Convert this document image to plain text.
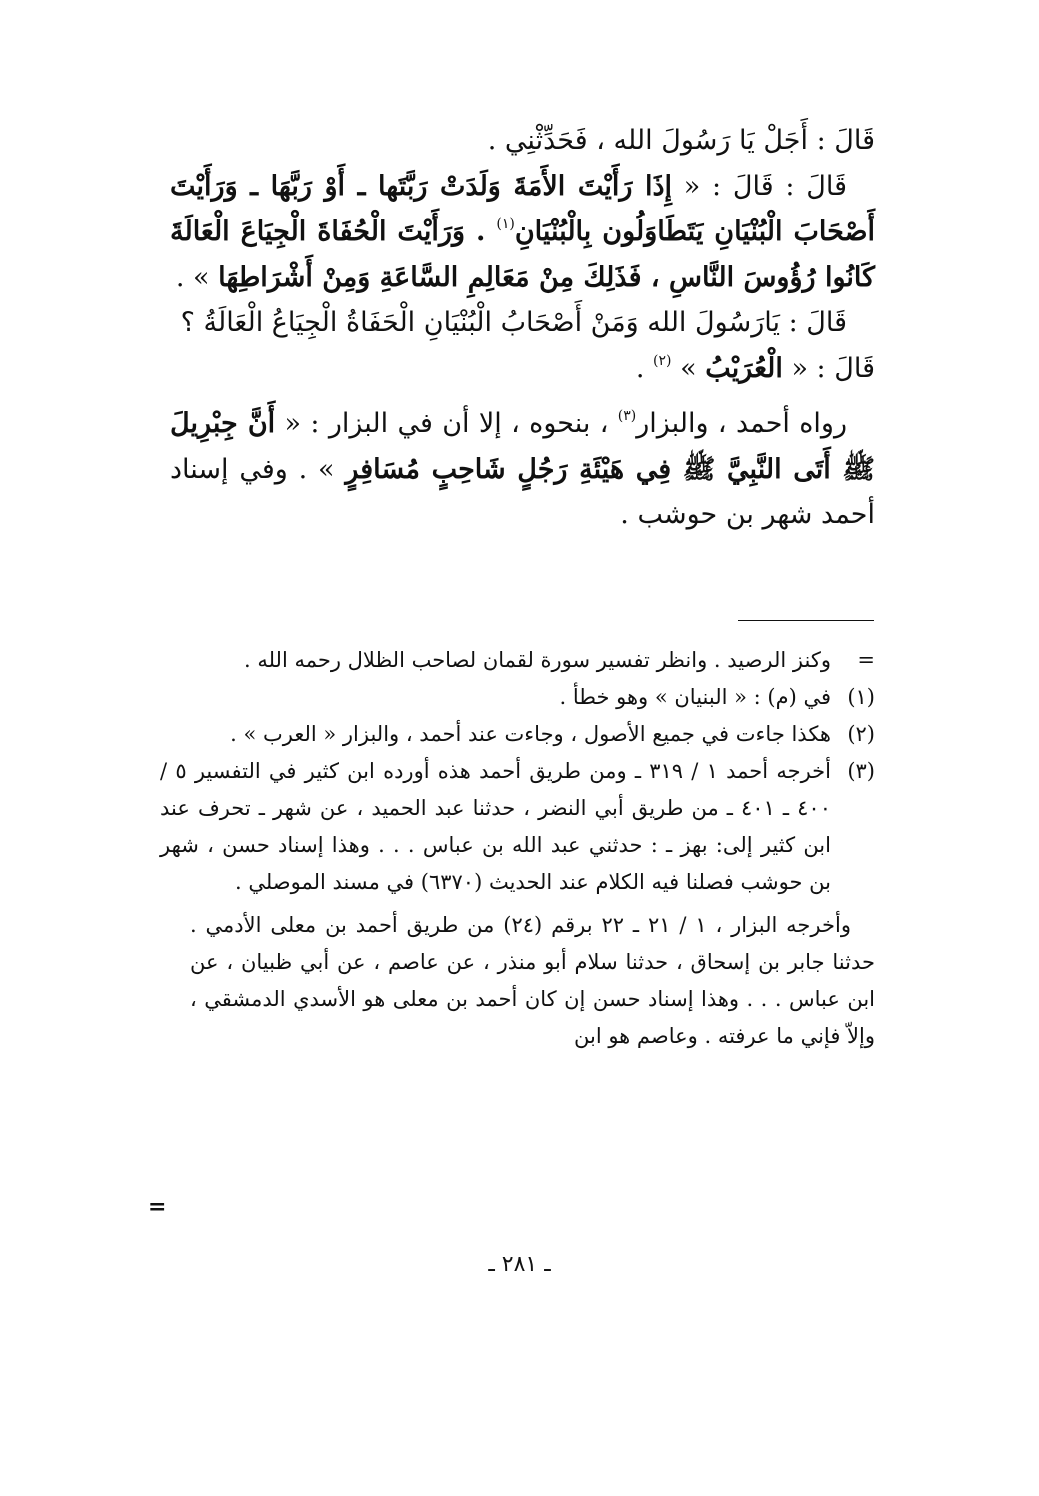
قَالَ : أَجَلْ يَا رَسُولَ الله ، فَحَدِّثْنِي .

قَالَ : قَالَ : « إِذَا رَأَيْتَ الأَمَةَ وَلَدَتْ رَبَّتَها ـ أَوْ رَبَّهَا ـ وَرَأَيْتَ أَصْحَابَ الْبُنْيَانِ يَتَطَاوَلُون بِالْبُنْيَانِ$^{(١)}$ . وَرَأَيْتَ الْحُفَاةَ الْجِيَاعَ الْعَالَةَ كَانُوا رُؤُوسَ النَّاسِ ، فَذَلِكَ مِنْ مَعَالِمِ السَّاعَةِ وَمِنْ أَشْرَاطِهَا » .

قَالَ : يَارَسُولَ الله وَمَنْ أَصْحَابُ الْبُنْيَانِ الْحَفَاةُ الْجِيَاعُ الْعَالَةُ ؟

قَالَ : « الْعُرَيْبُ » $^{(٢)}$ .

رواه أحمد ، والبزار$^{(٣)}$ ، بنحوه ، إلا أن في البزار : « أَنَّ جِبْرِيلَ ﷺ أَتَى النَّبِيَّ ﷺ فِي هَيْئَةِ رَجُلٍ شَاحِبٍ مُسَافِرٍ » . وفي إسناد أحمد شهر بن حوشب .

=
وكنز الرصيد . وانظر تفسير سورة لقمان لصاحب الظلال رحمه الله .
(١)
في (م) : « البنيان » وهو خطأ .
(٢)
هكذا جاءت في جميع الأصول ، وجاءت عند أحمد ، والبزار « العرب » .
(٣)
أخرجه أحمد ١ / ٣١٩ ـ ومن طريق أحمد هذه أورده ابن كثير في التفسير ٥ / ٤٠٠ ـ ٤٠١ ـ من طريق أبي النضر ، حدثنا عبد الحميد ، عن شهر ـ تحرف عند ابن كثير إلى: بهز ـ : حدثني عبد الله بن عباس . . . وهذا إسناد حسن ، شهر بن حوشب فصلنا فيه الكلام عند الحديث (٦٣٧٠) في مسند الموصلي .
وأخرجه البزار ، ١ / ٢١ ـ ٢٢ برقم (٢٤) من طريق أحمد بن معلى الأدمي . حدثنا جابر بن إسحاق ، حدثنا سلام أبو منذر ، عن عاصم ، عن أبي ظبيان ، عن ابن عباس . . . وهذا إسناد حسن إن كان أحمد بن معلى هو الأسدي الدمشقي ، وإلاّ فإني ما عرفته . وعاصم هو ابن
=
ـ ٢٨١ ـ
